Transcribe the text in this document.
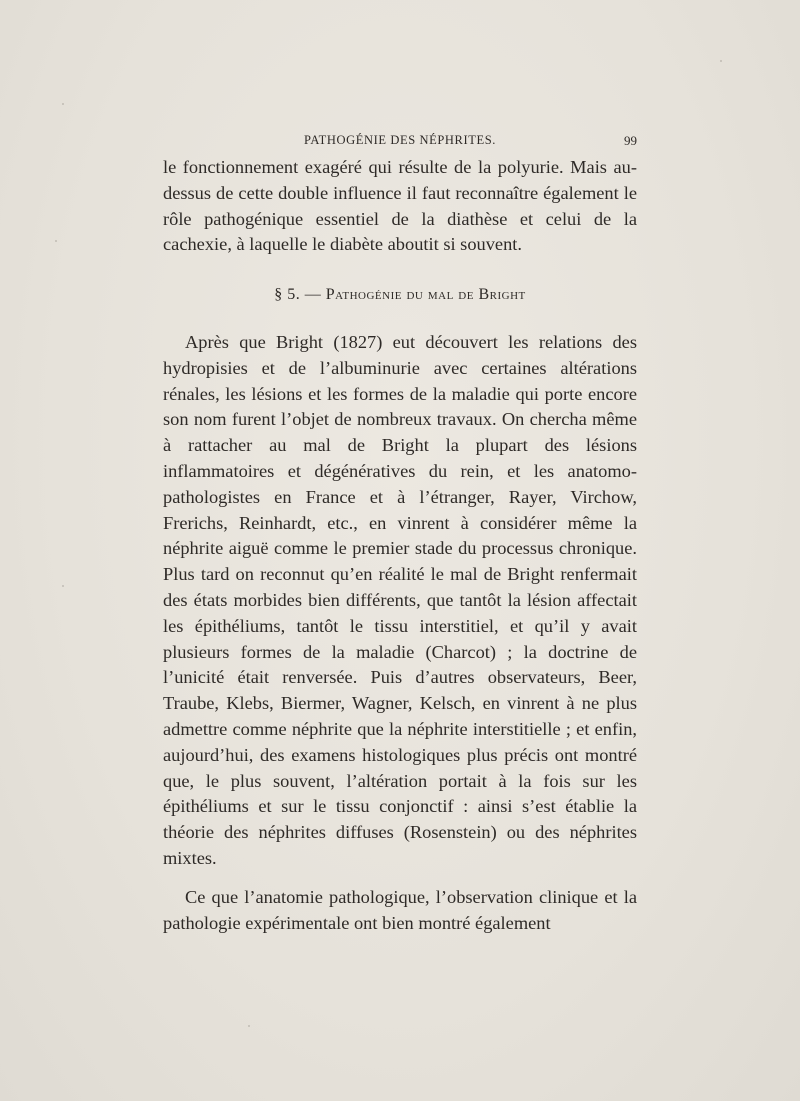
PATHOGÉNIE DES NÉPHRITES.	99

le fonctionnement exagéré qui résulte de la polyurie. Mais au-dessus de cette double influence il faut reconnaître également le rôle pathogénique essentiel de la diathèse et celui de la cachexie, à laquelle le diabète aboutit si souvent.

§ 5. — Pathogénie du mal de Bright

Après que Bright (1827) eut découvert les relations des hydropisies et de l’albuminurie avec certaines altérations rénales, les lésions et les formes de la maladie qui porte encore son nom furent l’objet de nombreux travaux. On chercha même à rattacher au mal de Bright la plupart des lésions inflammatoires et dégénératives du rein, et les anatomo-pathologistes en France et à l’étranger, Rayer, Virchow, Frerichs, Reinhardt, etc., en vinrent à considérer même la néphrite aiguë comme le premier stade du processus chronique. Plus tard on reconnut qu’en réalité le mal de Bright renfermait des états morbides bien différents, que tantôt la lésion affectait les épithéliums, tantôt le tissu interstitiel, et qu’il y avait plusieurs formes de la maladie (Charcot) ; la doctrine de l’unicité était renversée. Puis d’autres observateurs, Beer, Traube, Klebs, Biermer, Wagner, Kelsch, en vinrent à ne plus admettre comme néphrite que la néphrite interstitielle ; et enfin, aujourd’hui, des examens histologiques plus précis ont montré que, le plus souvent, l’altération portait à la fois sur les épithéliums et sur le tissu conjonctif : ainsi s’est établie la théorie des néphrites diffuses (Rosenstein) ou des néphrites mixtes.

Ce que l’anatomie pathologique, l’observation clinique et la pathologie expérimentale ont bien montré également
